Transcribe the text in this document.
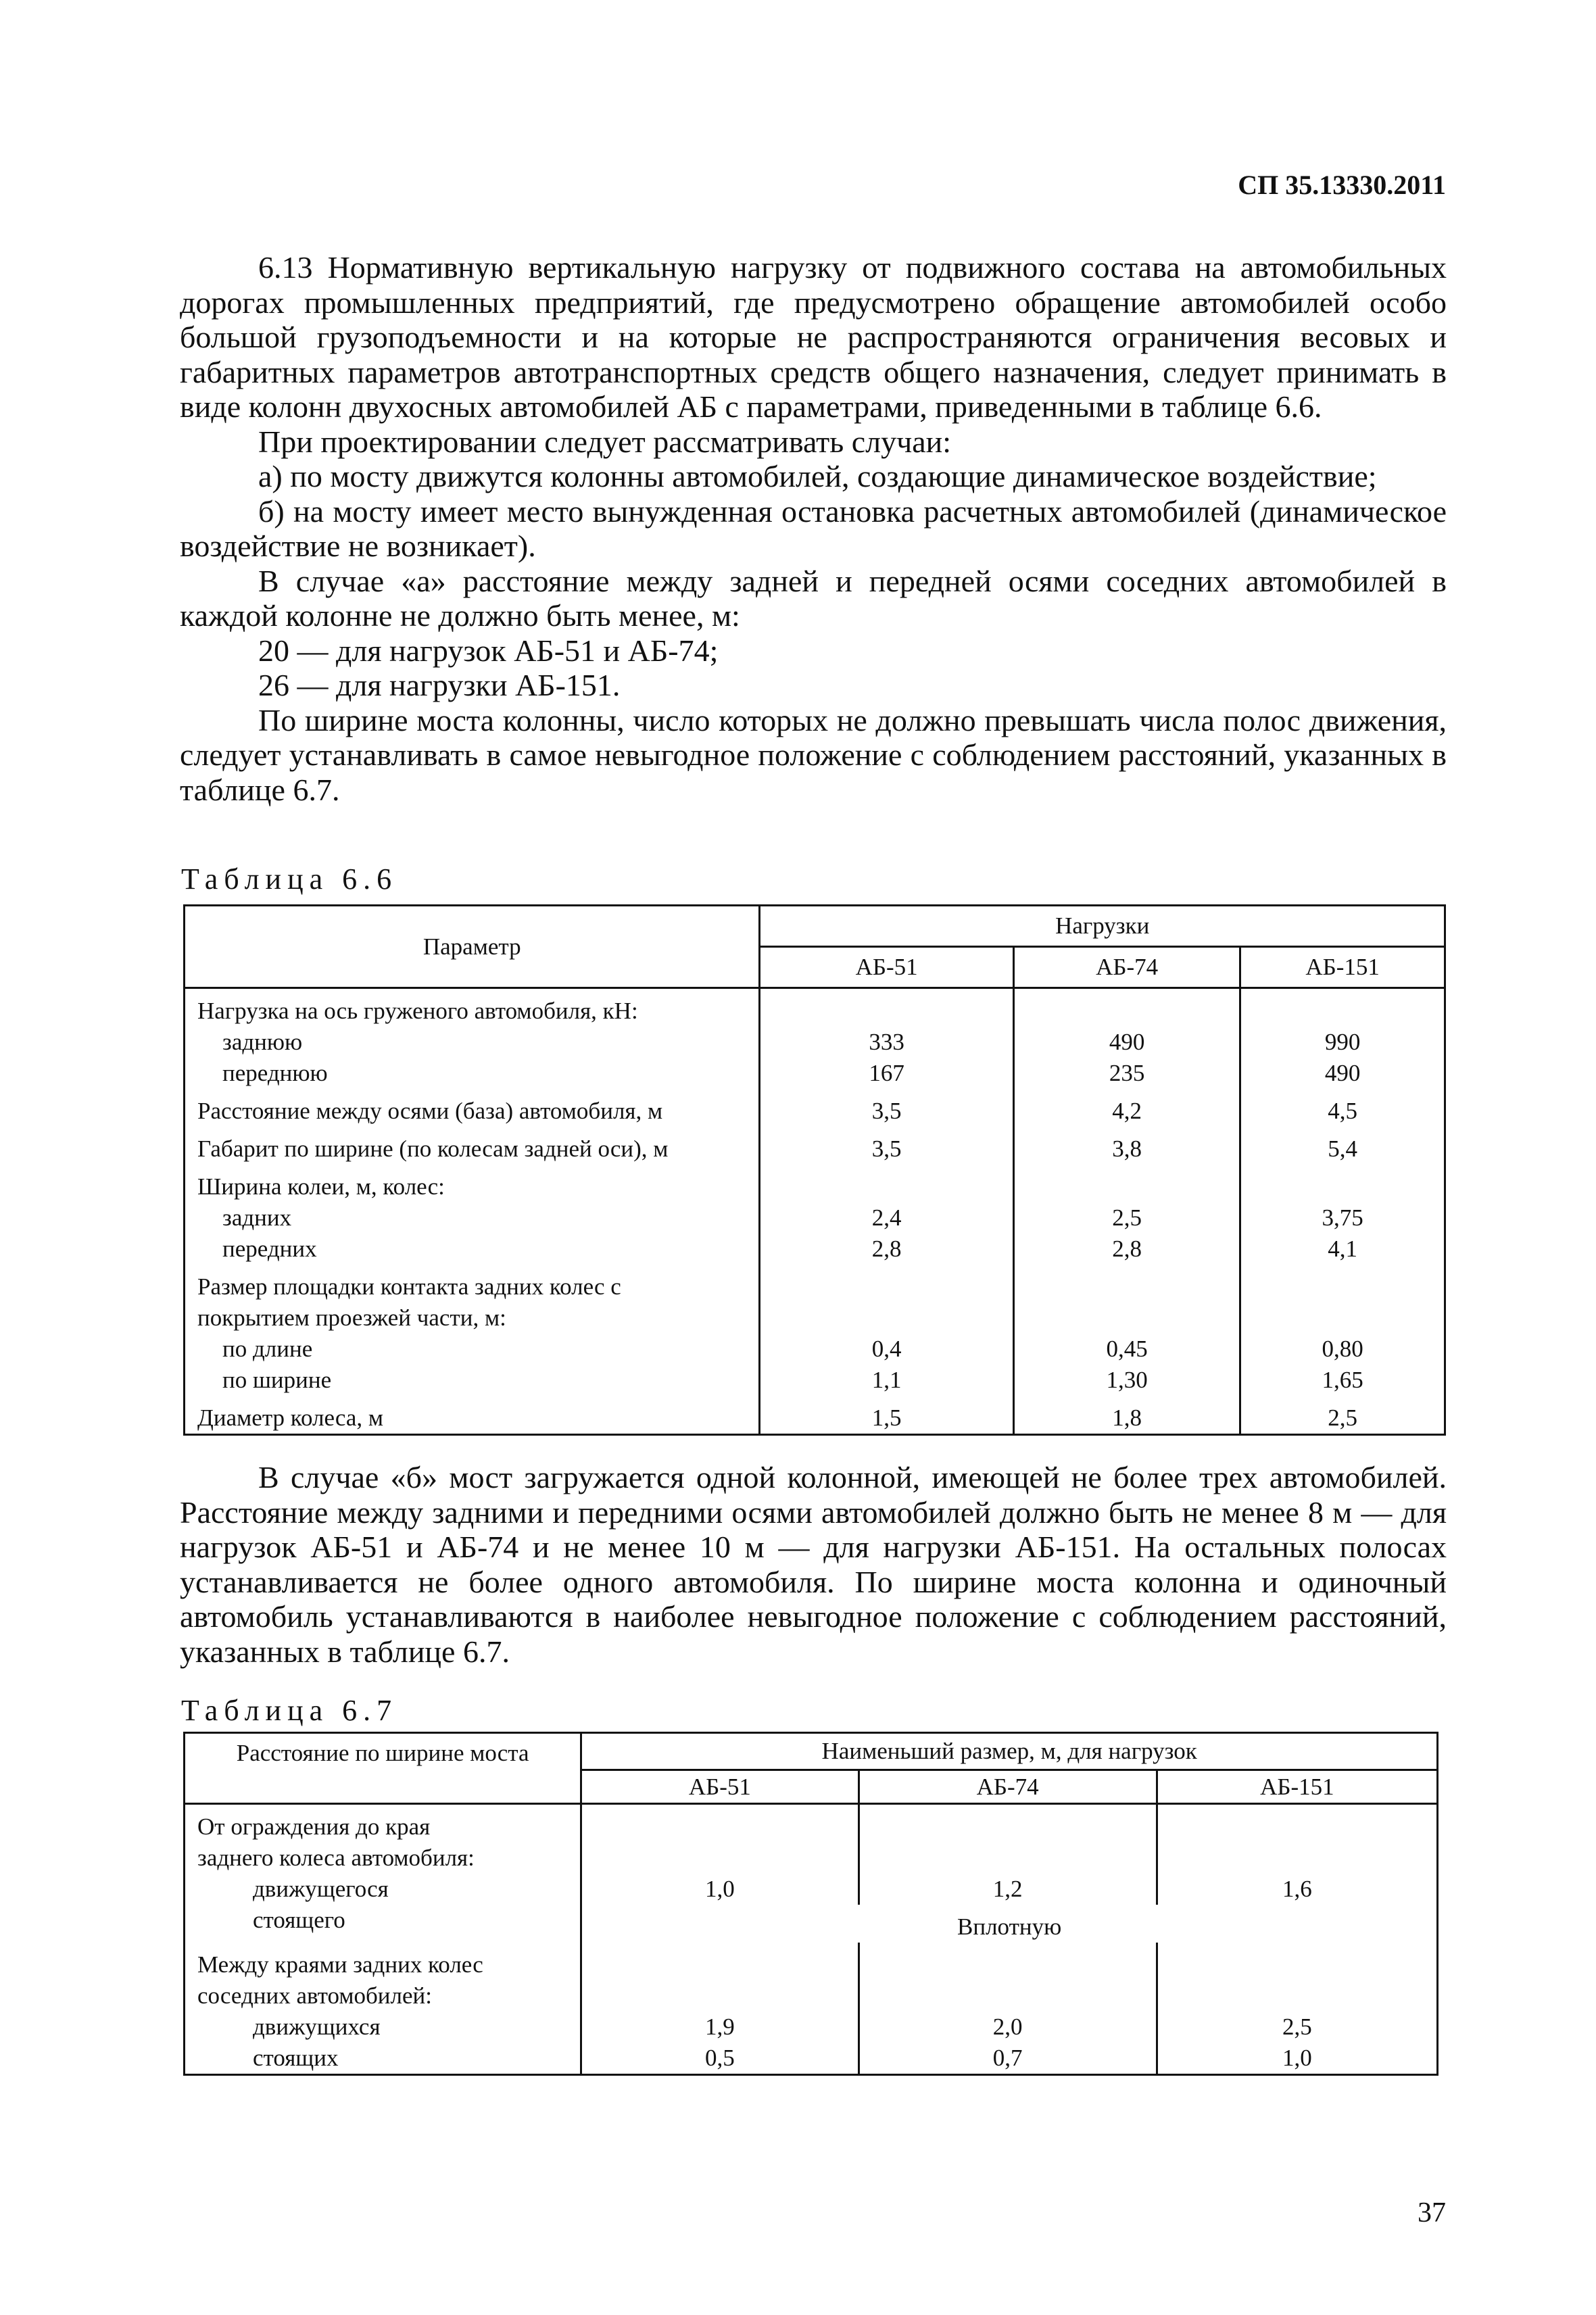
СП 35.13330.2011

6.13 Нормативную вертикальную нагрузку от подвижного состава на автомобильных дорогах промышленных предприятий, где предусмотрено обращение автомобилей особо большой грузоподъемности и на которые не распространяются ограничения весовых и габаритных параметров автотранспортных средств общего назначения, следует принимать в виде колонн двухосных автомобилей АБ с параметрами, приведенными в таблице 6.6.

При проектировании следует рассматривать случаи:

а) по мосту движутся колонны автомобилей, создающие динамическое воздействие;

б) на мосту имеет место вынужденная остановка расчетных автомобилей (динамическое воздействие не возникает).

В случае «а» расстояние между задней и передней осями соседних автомобилей в каждой колонне не должно быть менее, м:

20 — для нагрузок АБ-51 и АБ-74;

26 — для нагрузки АБ-151.

По ширине моста колонны, число которых не должно превышать числа полос движения, следует устанавливать в самое невыгодное положение с соблюдением расстояний, указанных в таблице 6.7.

Таблица 6.6
Параметр	Нагрузки		
	АБ-51	АБ-74	АБ-151

Нагрузка на ось груженого автомобиля, кН:			
заднюю	333	490	990
переднюю	167	235	490

Расстояние между осями (база) автомобиля, м	3,5	4,2	4,5

Габарит по ширине (по колесам задней оси), м	3,5	3,8	5,4

Ширина колеи, м, колес:			
задних	2,4	2,5	3,75
передних	2,8	2,8	4,1

Размер площадки контакта задних колес с			
покрытием проезжей части, м:			
по длине	0,4	0,45	0,80
по ширине	1,1	1,30	1,65

Диаметр колеса, м	1,5	1,8	2,5

В случае «б» мост загружается одной колонной, имеющей не более трех автомобилей. Расстояние между задними и передними осями автомобилей должно быть не менее 8 м — для нагрузок АБ-51 и АБ-74 и не менее 10 м — для нагрузки АБ-151. На остальных полосах устанавливается не более одного автомобиля. По ширине моста колонна и одиночный автомобиль устанавливаются в наиболее невыгодное положение с соблюдением расстояний, указанных в таблице 6.7.

Таблица 6.7
Расстояние по ширине моста	Наименьший размер, м, для нагрузок		
	АБ-51	АБ-74	АБ-151

От ограждения до края			
заднего колеса автомобиля:			
движущегося	1,0	1,2	1,6
стоящего	Вплотную		

Между краями задних колес			
соседних автомобилей:			
движущихся	1,9	2,0	2,5
стоящих	0,5	0,7	1,0
37
